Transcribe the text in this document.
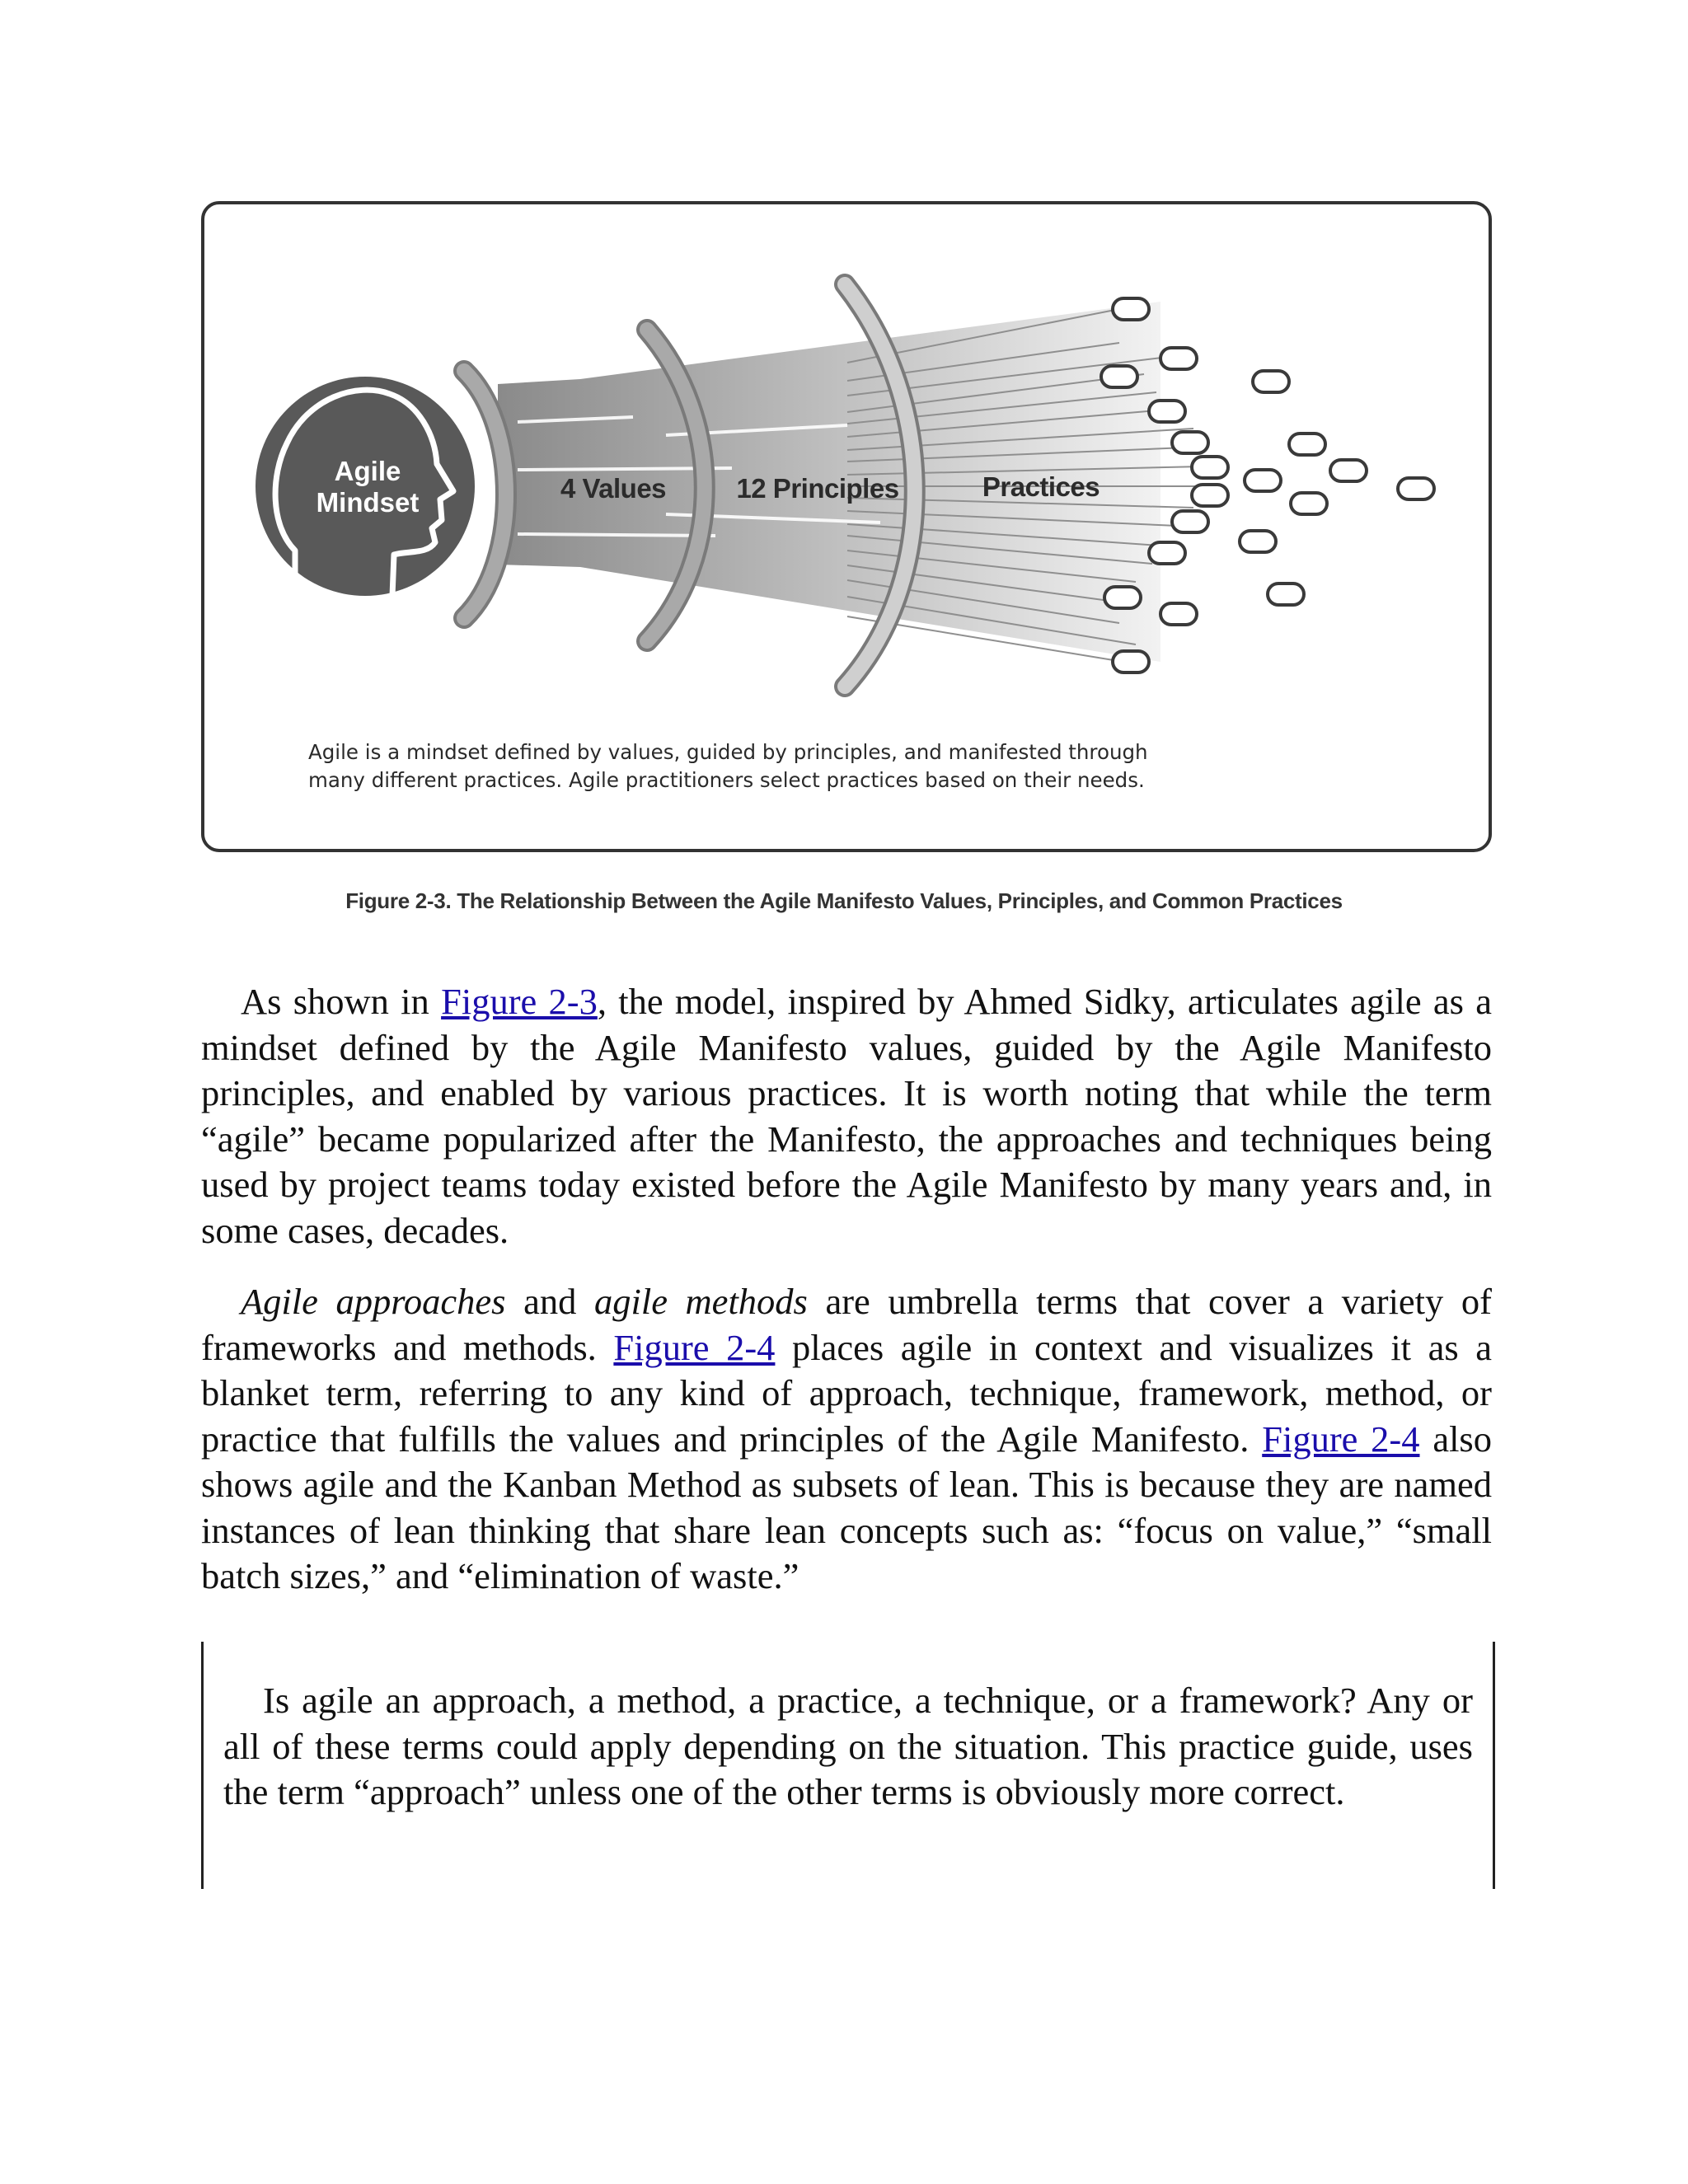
Agile
Mindset	4 Values	12 Principles	Practices
Agile is a mindset defined by values, guided by principles, and manifested through
many different practices. Agile practitioners select practices based on their needs.
Figure 2-3. The Relationship Between the Agile Manifesto Values, Principles, and Common Practices

As shown in Figure 2-3, the model, inspired by Ahmed Sidky, articulates agile as a mindset defined by the Agile Manifesto values, guided by the Agile Manifesto principles, and enabled by various practices. It is worth noting that while the term “agile” became popularized after the Manifesto, the approaches and techniques being used by project teams today existed before the Agile Manifesto by many years and, in some cases, decades.

Agile approaches and agile methods are umbrella terms that cover a variety of frameworks and methods. Figure 2-4 places agile in context and visualizes it as a blanket term, referring to any kind of approach, technique, framework, method, or practice that fulfills the values and principles of the Agile Manifesto. Figure 2-4 also shows agile and the Kanban Method as subsets of lean. This is because they are named instances of lean thinking that share lean concepts such as: “focus on value,” “small batch sizes,” and “elimination of waste.”

Is agile an approach, a method, a practice, a technique, or a framework? Any or all of these terms could apply depending on the situation. This practice guide, uses the term “approach” unless one of the other terms is obviously more correct.
